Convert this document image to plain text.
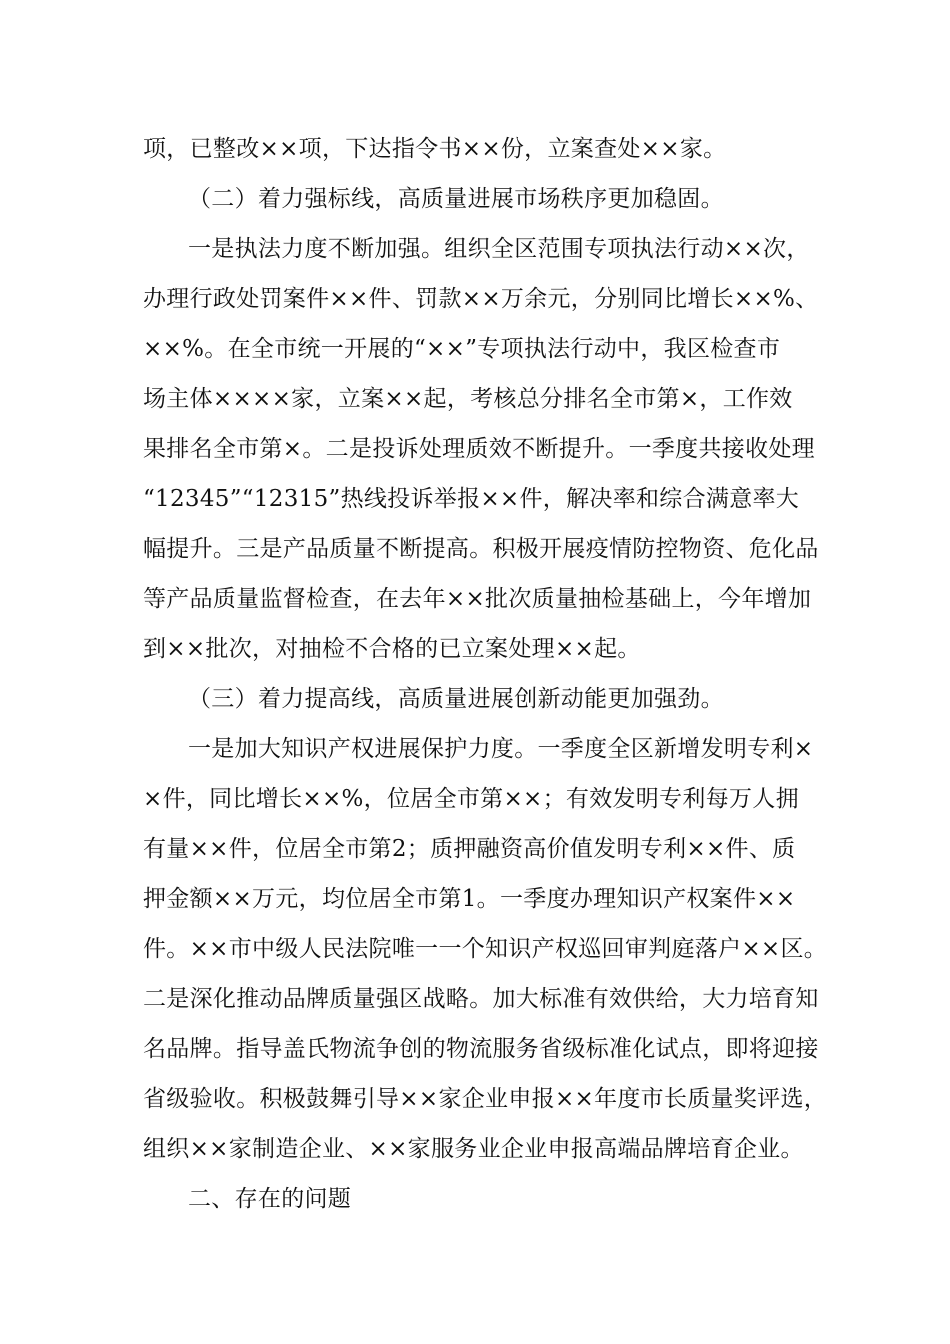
项，已整改××项，下达指令书××份，立案查处××家。
（二）着力强标线，高质量进展市场秩序更加稳固。
一是执法力度不断加强。组织全区范围专项执法行动××次，
办理行政处罚案件××件、罚款××万余元，分别同比增长××%、
××%。在全市统一开展的“××”专项执法行动中，我区检查市
场主体××××家，立案××起，考核总分排名全市第×，工作效
果排名全市第×。二是投诉处理质效不断提升。一季度共接收处理
“12345”“12315”热线投诉举报××件，解决率和综合满意率大
幅提升。三是产品质量不断提高。积极开展疫情防控物资、危化品
等产品质量监督检查，在去年××批次质量抽检基础上，今年增加
到××批次，对抽检不合格的已立案处理××起。
（三）着力提高线，高质量进展创新动能更加强劲。
一是加大知识产权进展保护力度。一季度全区新增发明专利×
×件，同比增长××%，位居全市第××；有效发明专利每万人拥
有量××件，位居全市第2；质押融资高价值发明专利××件、质
押金额××万元，均位居全市第1。一季度办理知识产权案件××
件。××市中级人民法院唯一一个知识产权巡回审判庭落户××区。
二是深化推动品牌质量强区战略。加大标准有效供给，大力培育知
名品牌。指导盖氏物流争创的物流服务省级标准化试点，即将迎接
省级验收。积极鼓舞引导××家企业申报××年度市长质量奖评选，
组织××家制造企业、××家服务业企业申报高端品牌培育企业。
二、存在的问题
